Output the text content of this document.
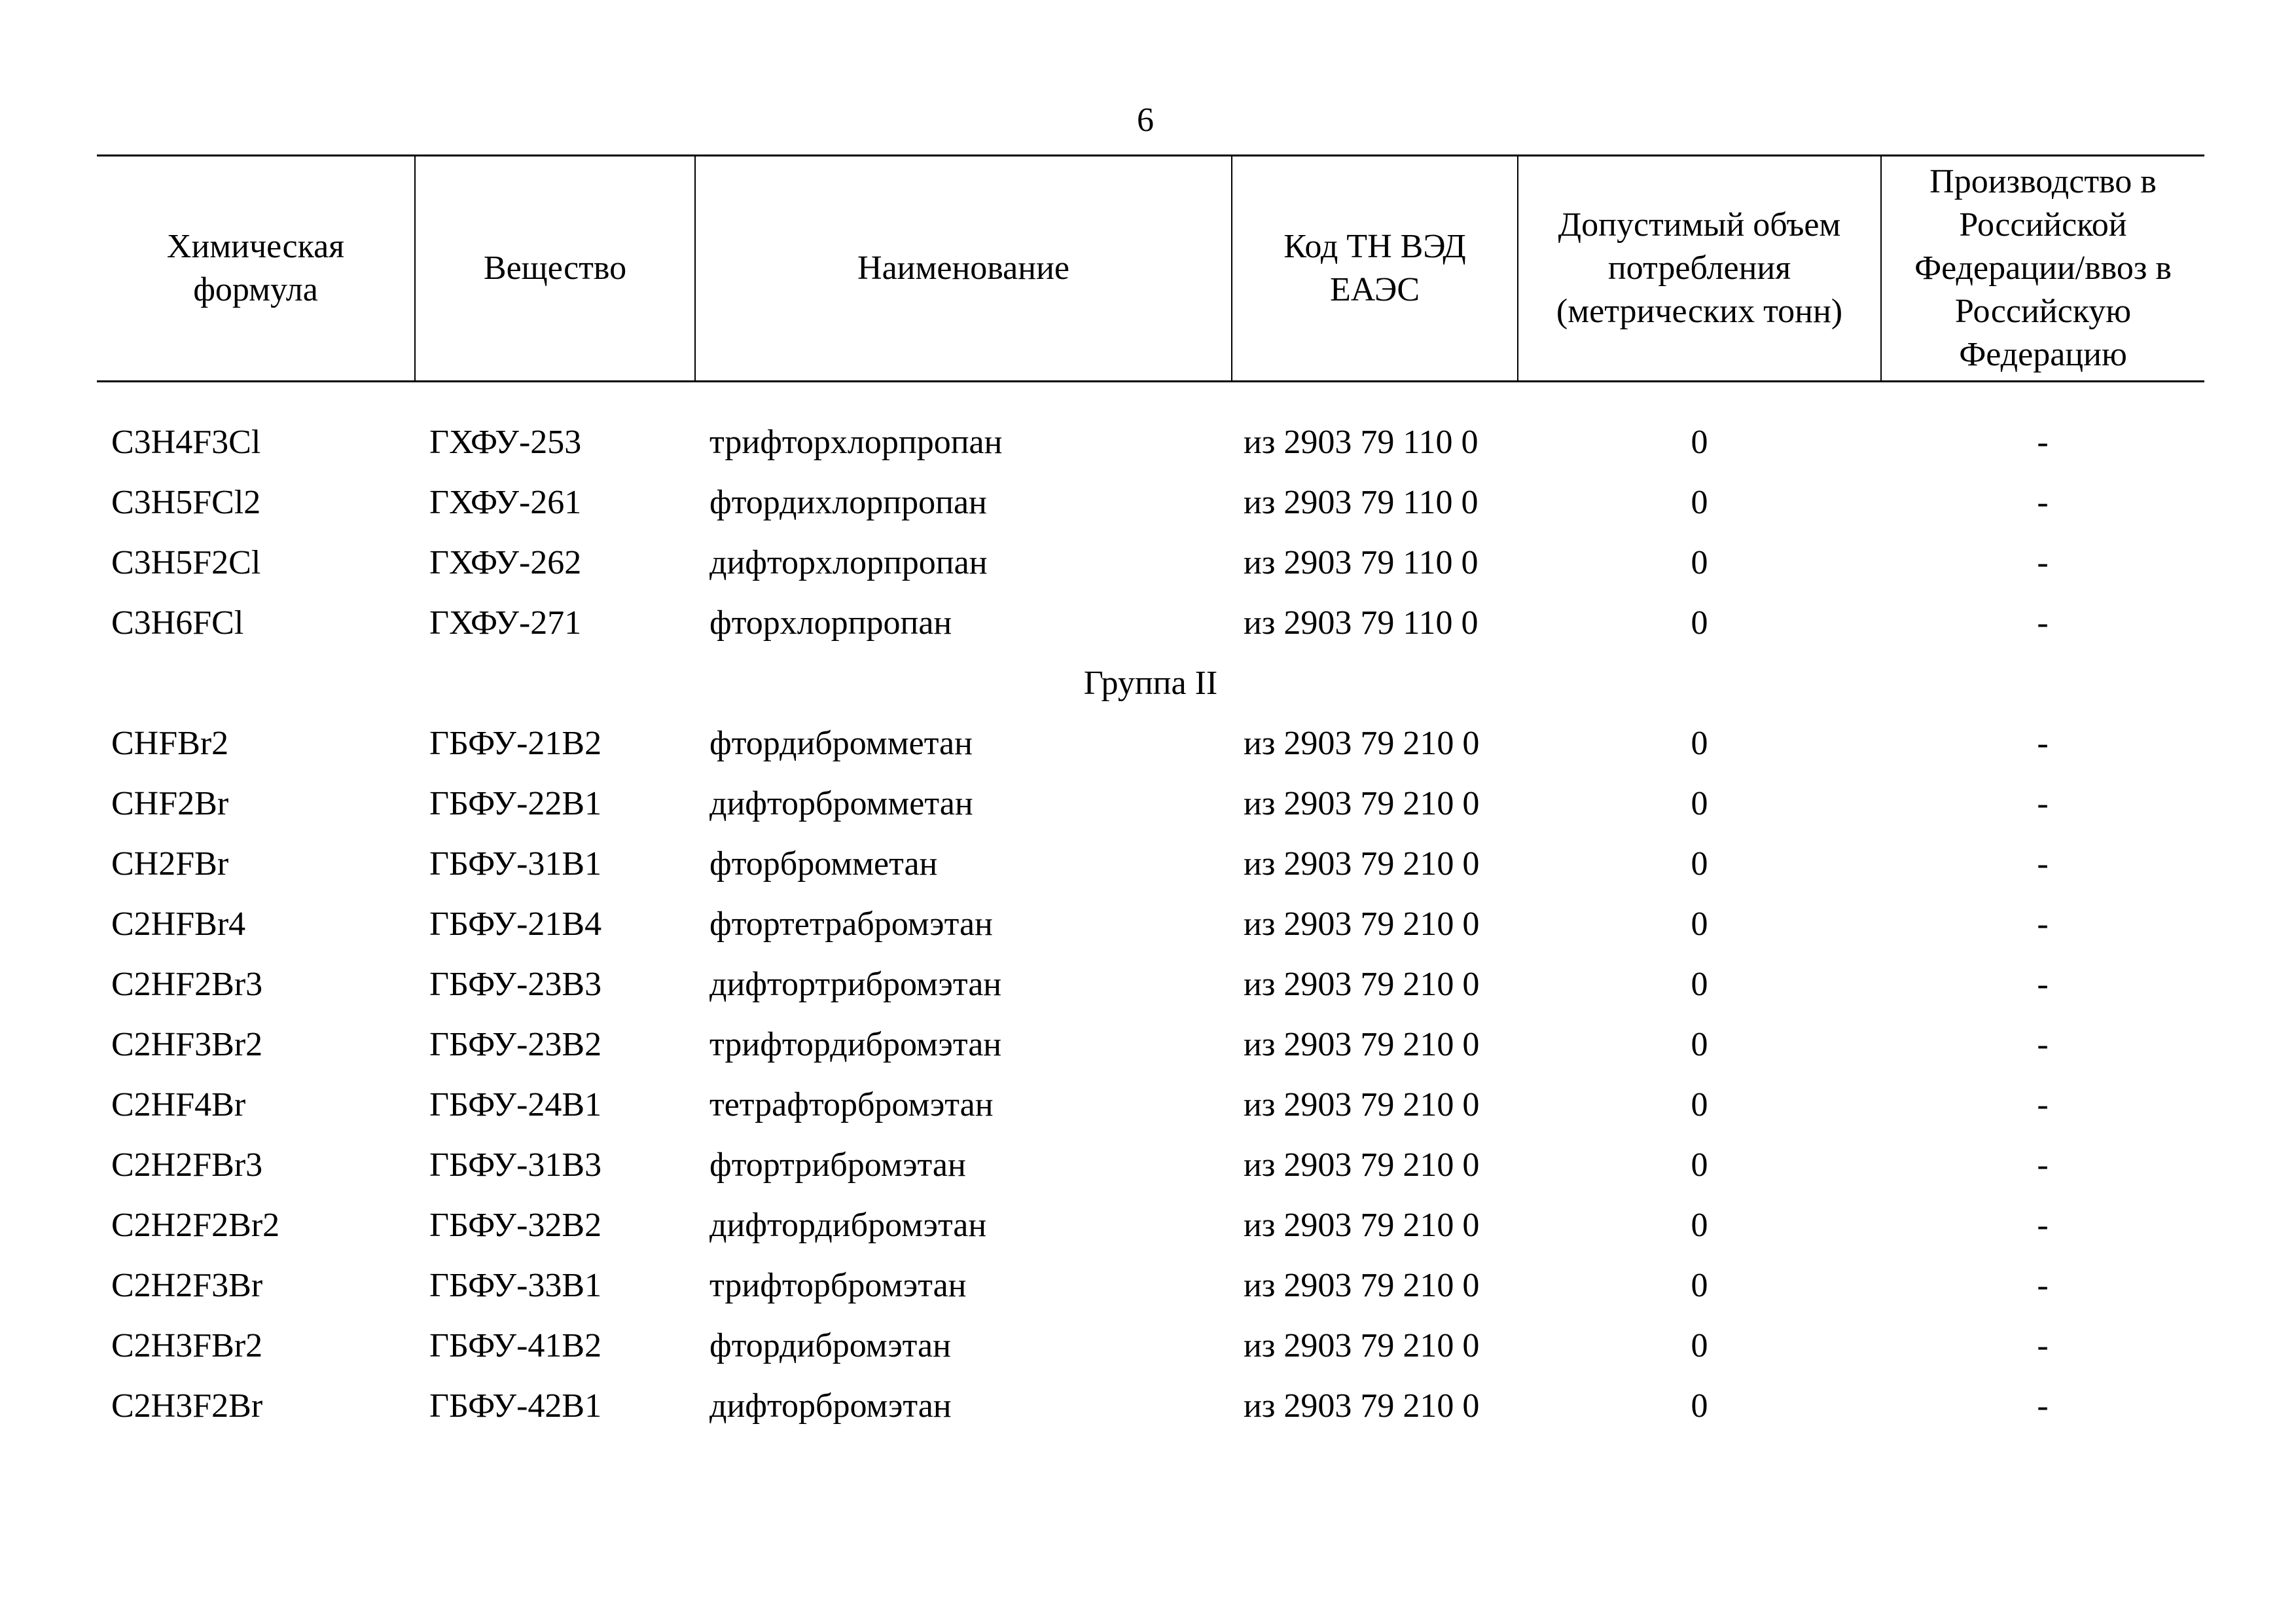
6
Химическая формула	Вещество	Наименование	Код ТН ВЭД ЕАЭС	Допустимый объем потребления (метрических тонн)	Производство в Российской Федерации/ввоз в Российскую Федерацию

C3H4F3Cl	ГХФУ-253	трифторхлорпропан	из 2903 79 110 0	0	-
C3H5FCl2	ГХФУ-261	фтордихлорпропан	из 2903 79 110 0	0	-
C3H5F2Cl	ГХФУ-262	дифторхлорпропан	из 2903 79 110 0	0	-
C3H6FCl	ГХФУ-271	фторхлорпропан	из 2903 79 110 0	0	-
Группа II					
CHFBr2	ГБФУ-21B2	фтордибромметан	из 2903 79 210 0	0	-
CHF2Br	ГБФУ-22B1	дифторбромметан	из 2903 79 210 0	0	-
CH2FBr	ГБФУ-31B1	фторбромметан	из 2903 79 210 0	0	-
C2HFBr4	ГБФУ-21B4	фтортетрабромэтан	из 2903 79 210 0	0	-
C2HF2Br3	ГБФУ-23B3	дифтортрибромэтан	из 2903 79 210 0	0	-
C2HF3Br2	ГБФУ-23B2	трифтордибромэтан	из 2903 79 210 0	0	-
C2HF4Br	ГБФУ-24B1	тетрафторбромэтан	из 2903 79 210 0	0	-
C2H2FBr3	ГБФУ-31B3	фтортрибромэтан	из 2903 79 210 0	0	-
C2H2F2Br2	ГБФУ-32B2	дифтордибромэтан	из 2903 79 210 0	0	-
C2H2F3Br	ГБФУ-33B1	трифторбромэтан	из 2903 79 210 0	0	-
C2H3FBr2	ГБФУ-41B2	фтордибромэтан	из 2903 79 210 0	0	-
C2H3F2Br	ГБФУ-42B1	дифторбромэтан	из 2903 79 210 0	0	-
